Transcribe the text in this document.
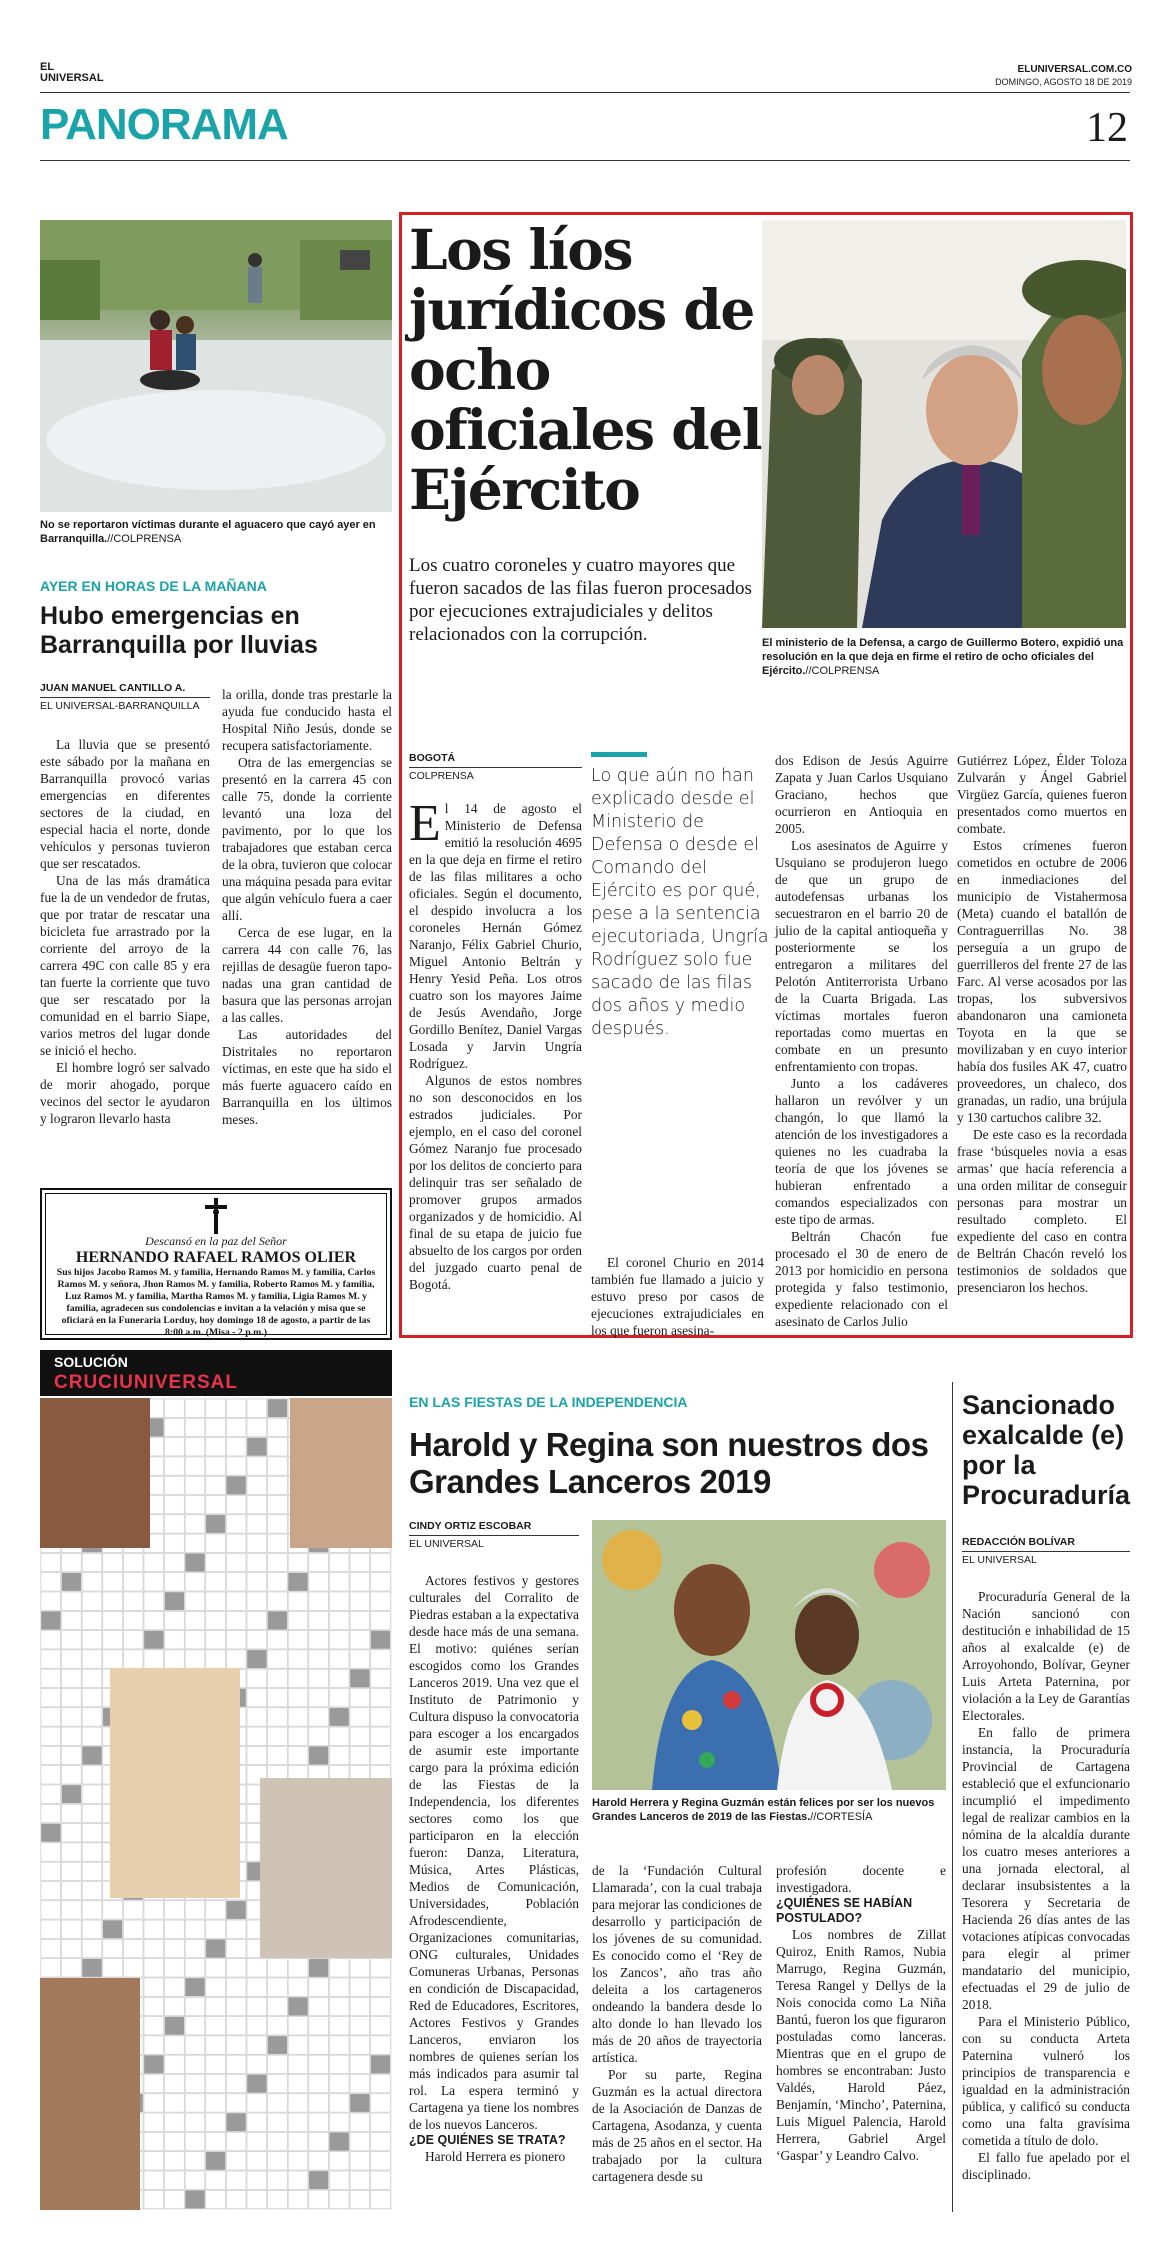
EL UNIVERSAL
ELUNIVERSAL.COM.CO
DOMINGO, AGOSTO 18 DE 2019
PANORAMA	12
No se reportaron víctimas durante el aguacero que cayó ayer en Barranquilla.//COLPRENSA
AYER EN HORAS DE LA MAÑANA
Hubo emergencias en Barranquilla por lluvias
JUAN MANUEL CANTILLO A.
EL UNIVERSAL-BARRANQUILLA

La lluvia que se presentó este sábado por la mañana en Barranquilla provocó varias emergencias en diferentes sectores de la ciudad, en especial hacia el norte, donde vehículos y personas tuvieron que ser rescatados.

Una de las más dramática fue la de un vendedor de frutas, que por tratar de rescatar una bicicleta fue arrastrado por la corriente del arroyo de la carrera 49C con calle 85 y era tan fuerte la corriente que tuvo que ser rescatado por la comunidad en el barrio Siape, varios metros del lugar donde se inició el hecho.

El hombre logró ser salvado de morir ahogado, porque vecinos del sector le ayudaron y lograron llevarlo hasta

la orilla, donde tras prestarle la ayuda fue conducido hasta el Hospital Niño Jesús, donde se recupera satisfactoriamente.

Otra de las emergencias se presentó en la carrera 45 con calle 75, donde la corriente levantó una loza del pavimento, por lo que los trabajadores que estaban cerca de la obra, tuvieron que colocar una máquina pesada para evitar que algún vehículo fuera a caer allí.

Cerca de ese lugar, en la carrera 44 con calle 76, las rejillas de desagüe fueron taponadas una gran cantidad de basura que las personas arrojan a las calles.

Las autoridades del Distritales no reportaron víctimas, en este que ha sido el más fuerte aguacero caído en Barranquilla en los últimos meses.

Descansó en la paz del Señor
HERNANDO RAFAEL RAMOS OLIER
Sus hijos Jacobo Ramos M. y familia, Hernando Ramos M. y familia, Carlos Ramos M. y señora, Jhon Ramos M. y familia, Roberto Ramos M. y familia, Luz Ramos M. y familia, Martha Ramos M. y familia, Ligia Ramos M. y familia, agradecen sus condolencias e invitan a la velación y misa que se oficiará en la Funeraria Lorduy, hoy domingo 18 de agosto, a partir de las 8:00 a.m. (Misa - 2 p.m.)
Los líos jurídicos de ocho oficiales del Ejército
Los cuatro coroneles y cuatro mayores que fueron sacados de las filas fueron procesados por ejecuciones extrajudiciales y delitos relacionados con la corrupción.	El ministerio de la Defensa, a cargo de Guillermo Botero, expidió una resolución en la que deja en firme el retiro de ocho oficiales del Ejército.//COLPRENSA
BOGOTÁ
COLPRENSA

El 14 de agosto el Ministerio de Defensa emitió la resolución 4695 en la que deja en firme el retiro de las filas militares a ocho oficiales. Según el documento, el despido involucra a los coroneles Hernán Gómez Naranjo, Félix Gabriel Churio, Miguel Antonio Beltrán y Henry Yesid Peña. Los otros cuatro son los mayores Jaime de Jesús Avendaño, Jorge Gordillo Benítez, Daniel Vargas Losada y Jarvin Ungría Rodríguez.

Algunos de estos nombres no son desconocidos en los estrados judiciales. Por ejemplo, en el caso del coronel Gómez Naranjo fue procesado por los delitos de concierto para delinquir tras ser señalado de promover grupos armados organizados y de homicidio. Al final de su etapa de juicio fue absuelto de los cargos por orden del juzgado cuarto penal de Bogotá.

Lo que aún no han explicado desde el Ministerio de Defensa o desde el Comando del Ejército es por qué, pese a la sentencia ejecutoriada, Ungría Rodríguez solo fue sacado de las filas dos años y medio después.

El coronel Churio en 2014 también fue llamado a juicio y estuvo preso por casos de ejecuciones extrajudiciales en los que fueron asesina-

dos Edison de Jesús Aguirre Zapata y Juan Carlos Usquiano Graciano, hechos que ocurrieron en Antioquia en 2005.

Los asesinatos de Aguirre y Usquiano se produjeron luego de que un grupo de autodefensas urbanas los secuestraron en el barrio 20 de julio de la capital antioqueña y posteriormente se los entregaron a militares del Pelotón Antiterrorista Urbano de la Cuarta Brigada. Las víctimas mortales fueron reportadas como muertas en combate en un presunto enfrentamiento con tropas.

Junto a los cadáveres hallaron un revólver y un changón, lo que llamó la atención de los investigadores a quienes no les cuadraba la teoría de que los jóvenes se hubieran enfrentado a comandos especializados con este tipo de armas.

Beltrán Chacón fue procesado el 30 de enero de 2013 por homicidio en persona protegida y falso testimonio, expediente relacionado con el asesinato de Carlos Julio

Gutiérrez López, Élder Toloza Zulvarán y Ángel Gabriel Virgüez García, quienes fueron presentados como muertos en combate.

Estos crímenes fueron cometidos en octubre de 2006 en inmediaciones del municipio de Vistahermosa (Meta) cuando el batallón de Contraguerrillas No. 38 perseguía a un grupo de guerrilleros del frente 27 de las Farc. Al verse acosados por las tropas, los subversivos abandonaron una camioneta Toyota en la que se movilizaban y en cuyo interior había dos fusiles AK 47, cuatro proveedores, un chaleco, dos granadas, un radio, una brújula y 130 cartuchos calibre 32.

De este caso es la recordada frase ‘búsqueles novia a esas armas’ que hacía referencia a una orden militar de conseguir personas para mostrar un resultado completo. El expediente del caso en contra de Beltrán Chacón reveló los testimonios de soldados que presenciaron los hechos.

SOLUCIÓN
CRUCIUNIVERSAL
EN LAS FIESTAS DE LA INDEPENDENCIA
Harold y Regina son nuestros dos Grandes Lanceros 2019
CINDY ORTIZ ESCOBAR
EL UNIVERSAL

Actores festivos y gestores culturales del Corralito de Piedras estaban a la expectativa desde hace más de una semana. El motivo: quiénes serían escogidos como los Grandes Lanceros 2019. Una vez que el Instituto de Patrimonio y Cultura dispuso la convocatoria para escoger a los encargados de asumir este importante cargo para la próxima edición de las Fiestas de la Independencia, los diferentes sectores como los que participaron en la elección fueron: Danza, Literatura, Música, Artes Plásticas, Medios de Comunicación, Universidades, Población Afrodescendiente, Organizaciones comunitarias, ONG culturales, Unidades Comuneras Urbanas, Personas en condición de Discapacidad, Red de Educadores, Escritores, Actores Festivos y Grandes Lanceros, enviaron los nombres de quienes serían los más indicados para asumir tal rol. La espera terminó y Cartagena ya tiene los nombres de los nuevos Lanceros.

¿DE QUIÉNES SE TRATA?

Harold Herrera es pionero

Harold Herrera y Regina Guzmán están felices por ser los nuevos Grandes Lanceros de 2019 de las Fiestas.//CORTESÍA

de la ‘Fundación Cultural Llamarada’, con la cual trabaja para mejorar las condiciones de desarrollo y participación de los jóvenes de su comunidad. Es conocido como el ‘Rey de los Zancos’, año tras año deleita a los cartageneros ondeando la bandera desde lo alto donde lo han llevado los más de 20 años de trayectoria artística.

Por su parte, Regina Guzmán es la actual directora de la Asociación de Danzas de Cartagena, Asodanza, y cuenta más de 25 años en el sector. Ha trabajado por la cultura cartagenera desde su

profesión docente e investigadora.

¿QUIÉNES SE HABÍAN POSTULADO?

Los nombres de Zillat Quiroz, Enith Ramos, Nubia Marrugo, Regina Guzmán, Teresa Rangel y Dellys de la Nois conocida como La Niña Bantú, fueron los que figuraron postuladas como lanceras. Mientras que en el grupo de hombres se encontraban: Justo Valdés, Harold Páez, Benjamín, ‘Mincho’, Paternina, Luis Miguel Palencia, Harold Herrera, Gabriel Argel ‘Gaspar’ y Leandro Calvo.

Sancionado exalcalde (e) por la Procuraduría
REDACCIÓN BOLÍVAR
EL UNIVERSAL

Procuraduría General de la Nación sancionó con destitución e inhabilidad de 15 años al exalcalde (e) de Arroyohondo, Bolívar, Geyner Luis Arteta Paternina, por violación a la Ley de Garantías Electorales.

En fallo de primera instancia, la Procuraduría Provincial de Cartagena estableció que el exfuncionario incumplió el impedimento legal de realizar cambios en la nómina de la alcaldía durante los cuatro meses anteriores a una jornada electoral, al declarar insubsistentes a la Tesorera y Secretaria de Hacienda 26 días antes de las votaciones atípicas convocadas para elegir al primer mandatario del municipio, efectuadas el 29 de julio de 2018.

Para el Ministerio Público, con su conducta Arteta Paternina vulneró los principios de transparencia e igualdad en la administración pública, y calificó su conducta como una falta gravísima cometida a título de dolo.

El fallo fue apelado por el disciplinado.
